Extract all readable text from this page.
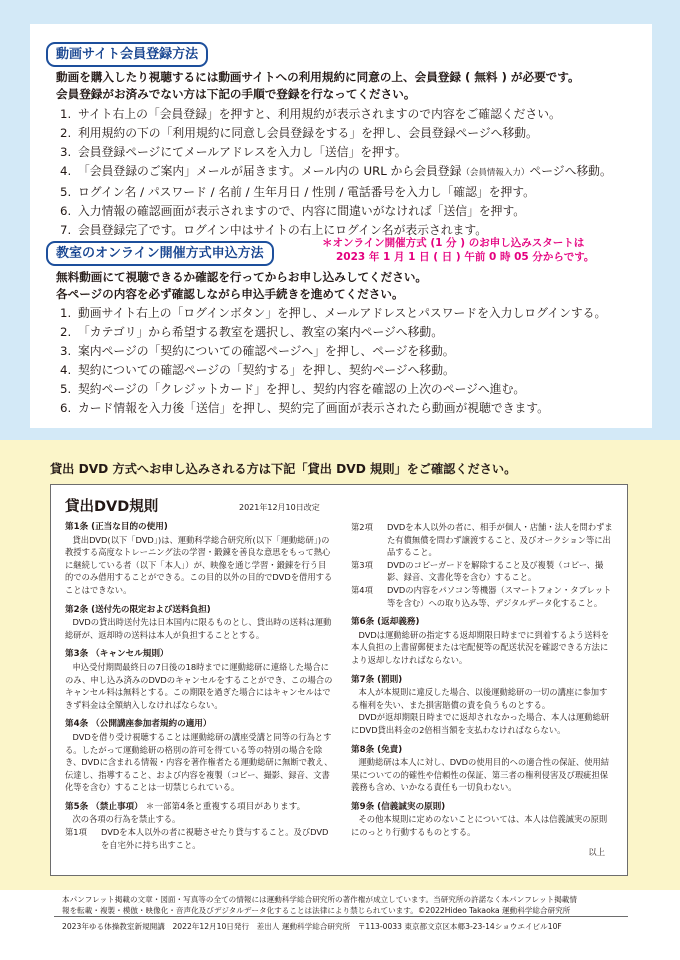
動画サイト会員登録方法
動画を購入したり視聴するには動画サイトへの利用規約に同意の上、会員登録 ( 無料 ) が必要です。
会員登録がお済みでない方は下記の手順で登録を行なってください。
1. サイト右上の「会員登録」を押すと、利用規約が表示されますので内容をご確認ください。
2. 利用規約の下の「利用規約に同意し会員登録をする」を押し、会員登録ページへ移動。
3. 会員登録ページにてメールアドレスを入力し「送信」を押す。
4. 「会員登録のご案内」メールが届きます。メール内の URL から会員登録（会員情報入力）ページへ移動。
5. ログイン名 / パスワード / 名前 / 生年月日 / 性別 / 電話番号を入力し「確認」を押す。
6. 入力情報の確認画面が表示されますので、内容に間違いがなければ「送信」を押す。
7. 会員登録完了です。ログイン中はサイトの右上にログイン名が表示されます。
教室のオンライン開催方式申込方法
＊オンライン開催方式 (1 分 ) のお申し込みスタートは
2023 年 1 月 1 日 ( 日 ) 午前 0 時 05 分からです。
無料動画にて視聴できるか確認を行ってからお申し込みしてください。
各ページの内容を必ず確認しながら申込手続きを進めてください。
1. 動画サイト右上の「ログインボタン」を押し、メールアドレスとパスワードを入力しログインする。
2. 「カテゴリ」から希望する教室を選択し、教室の案内ページへ移動。
3. 案内ページの「契約についての確認ページへ」を押し、ページを移動。
4. 契約についての確認ページの「契約する」を押し、契約ページへ移動。
5. 契約ページの「クレジットカード」を押し、契約内容を確認の上次のページへ進む。
6. カード情報を入力後「送信」を押し、契約完了画面が表示されたら動画が視聴できます。
貸出 DVD 方式へお申し込みされる方は下記「貸出 DVD 規則」をご確認ください。
貸出DVD規則	2021年12月10日改定
第1条 (正当な目的の使用)

貸出DVD(以下「DVD」)は、運動科学総合研究所(以下「運動総研」)の教授する高度なトレーニング法の学習・鍛錬を善良な意思をもって熱心に継続している者（以下「本人」）が、映像を通じ学習・鍛錬を行う目的でのみ借用することができる。この目的以外の目的でDVDを借用することはできない。

第2条 (送付先の限定および送料負担)

DVDの貸出時送付先は日本国内に限るものとし、貸出時の送料は運動総研が、返却時の送料は本人が負担することとする。

第3条 （キャンセル規則）

申込受付期間最終日の7日後の18時までに運動総研に連絡した場合にのみ、申し込み済みのDVDのキャンセルをすることができ、この場合のキャンセル料は無料とする。この期限を過ぎた場合にはキャンセルはできず料金は全額納入しなければならない。

第4条 （公開講座参加者規約の適用）

DVDを借り受け視聴することは運動総研の講座受講と同等の行為とする。したがって運動総研の格別の許可を得ている等の特別の場合を除き、DVDに含まれる情報・内容を著作権者たる運動総研に無断で教え、伝達し、指導すること、および内容を複製（コピー、撮影、録音、文書化等を含む）することは一切禁じられている。

第5条 （禁止事項） ＊一部第4条と重複する項目があります。

次の各項の行為を禁止する。

第1項	DVDを本人以外の者に視聴させたり貸与すること。及びDVDを自宅外に持ち出すこと。
第2項	DVDを本人以外の者に、相手が個人・店舗・法人を問わずまた有償無償を問わず譲渡すること、及びオークション等に出品すること。
第3項	DVDのコピーガードを解除すること及び複製（コピー、撮影、録音、文書化等を含む）すること。
第4項	DVDの内容をパソコン等機器（スマートフォン・タブレット等を含む）への取り込み等、デジタルデータ化すること。
第6条 (返却義務)

DVDは運動総研の指定する返却期限日時までに到着するよう送料を本人負担の上書留郵便または宅配便等の配送状況を確認できる方法により返却しなければならない。

第7条 (罰則)

本人が本規則に違反した場合、以後運動総研の一切の講座に参加する権利を失い、また損害賠償の責を負うものとする。

DVDが返却期限日時までに返却されなかった場合、本人は運動総研にDVD貸出料金の2倍相当額を支払わなければならない。

第8条 (免責)

運動総研は本人に対し、DVDの使用目的への適合性の保証、使用結果についての的確性や信頼性の保証、第三者の権利侵害及び瑕疵担保義務も含め、いかなる責任も一切負わない。

第9条 (信義誠実の原則)

その他本規則に定めのないことについては、本人は信義誠実の原則にのっとり行動するものとする。

以上
本パンフレット掲載の文章・図面・写真等の全ての情報には運動科学総合研究所の著作権が成立しています。当研究所の許諾なく本パンフレット掲載情
報を転載・複製・模倣・映像化・音声化及びデジタルデータ化することは法律により禁じられています。©2022Hideo Takaoka 運動科学総合研究所
2023年ゆる体操教室新規開講　2022年12月10日発行　差出人 運動科学総合研究所　〒113-0033 東京都文京区本郷3-23-14ショウエイビル10F
